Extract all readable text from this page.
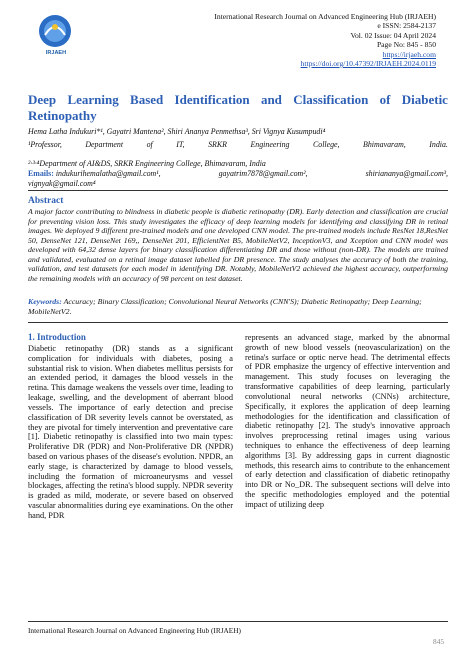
IRJAEH
International Research Journal on Advanced Engineering Hub (IRJAEH)
e ISSN: 2584-2137
Vol. 02 Issue: 04 April 2024
Page No: 845 - 850
https://irjaeh.com
https://doi.org/10.47392/IRJAEH.2024.0119
Deep Learning Based Identification and Classification of Diabetic
Retinopathy
Hema Latha Indukuri*¹, Gayatri Mantena², Shiri Ananya Penmethsa³, Sri Vignya Kusumpudi⁴
¹Professor,	Department	of	IT,	SRKR	Engineering	College,	Bhimavaram,	India.
²·³·⁴Department of AI&DS, SRKR Engineering College, Bhimavaram, India
Emails: indukurihemalatha@gmail.com¹,	gayatrim7878@gmail.com²,	shiriananya@gmail.com³,
vignyak@gmail.com⁴
Abstract
A major factor contributing to blindness in diabetic people is diabetic retinopathy (DR). Early detection and classification are crucial for preventing vision loss. This study investigates the efficacy of deep learning models for identifying and classifying DR in retinal images. We deployed 9 different pre-trained models and one developed CNN model. The pre-trained models include ResNet 18,ResNet 50, DenseNet 121, DenseNet 169,, DenseNet 201, EfficientNet B5, MobileNetV2, InceptionV3, and Xception and CNN model was developed with 64,32 dense layers for binary classification differentiating DR and those without (non-DR). The models are trained and validated, evaluated on a retinal image dataset labelled for DR presence. The study analyses the accuracy of both the training, validation, and test datasets for each model in identifying DR. Notably, MobileNetV2 achieved the highest accuracy, outperforming the remaining models with an accuracy of 98 percent on test dataset.
Keywords: Accuracy; Binary Classification; Convolutional Neural Networks (CNN'S); Diabetic Retinopathy; Deep Learning; MobileNetV2.
1. Introduction

Diabetic retinopathy (DR) stands as a significant complication for individuals with diabetes, posing a substantial risk to vision. When diabetes mellitus persists for an extended period, it damages the blood vessels in the retina. This damage weakens the vessels over time, leading to leakage, swelling, and the development of aberrant blood vessels. The importance of early detection and precise classification of DR severity levels cannot be overstated, as they are pivotal for timely intervention and preventative care [1]. Diabetic retinopathy is classified into two main types: Proliferative DR (PDR) and Non-Proliferative DR (NPDR) based on various phases of the disease's evolution. NPDR, an early stage, is characterized by damage to blood vessels, including the formation of microaneurysms and vessel blockages, affecting the retina's blood supply. NPDR severity is graded as mild, moderate, or severe based on observed vascular abnormalities during eye examinations. On the other hand, PDR

represents an advanced stage, marked by the abnormal growth of new blood vessels (neovascularization) on the retina's surface or optic nerve head. The detrimental effects of PDR emphasize the urgency of effective intervention and management. This study focuses on leveraging the transformative capabilities of deep learning, particularly convolutional neural networks (CNNs) architecture, Specifically, it explores the application of deep learning methodologies for the identification and classification of diabetic retinopathy [2]. The study's innovative approach involves preprocessing retinal images using various techniques to enhance the effectiveness of deep learning algorithms [3]. By addressing gaps in current diagnostic methods, this research aims to contribute to the enhancement of early detection and classification of diabetic retinopathy into DR or No_DR. The subsequent sections will delve into the specific methodologies employed and the potential impact of utilizing deep

International Research Journal on Advanced Engineering Hub (IRJAEH)
845
